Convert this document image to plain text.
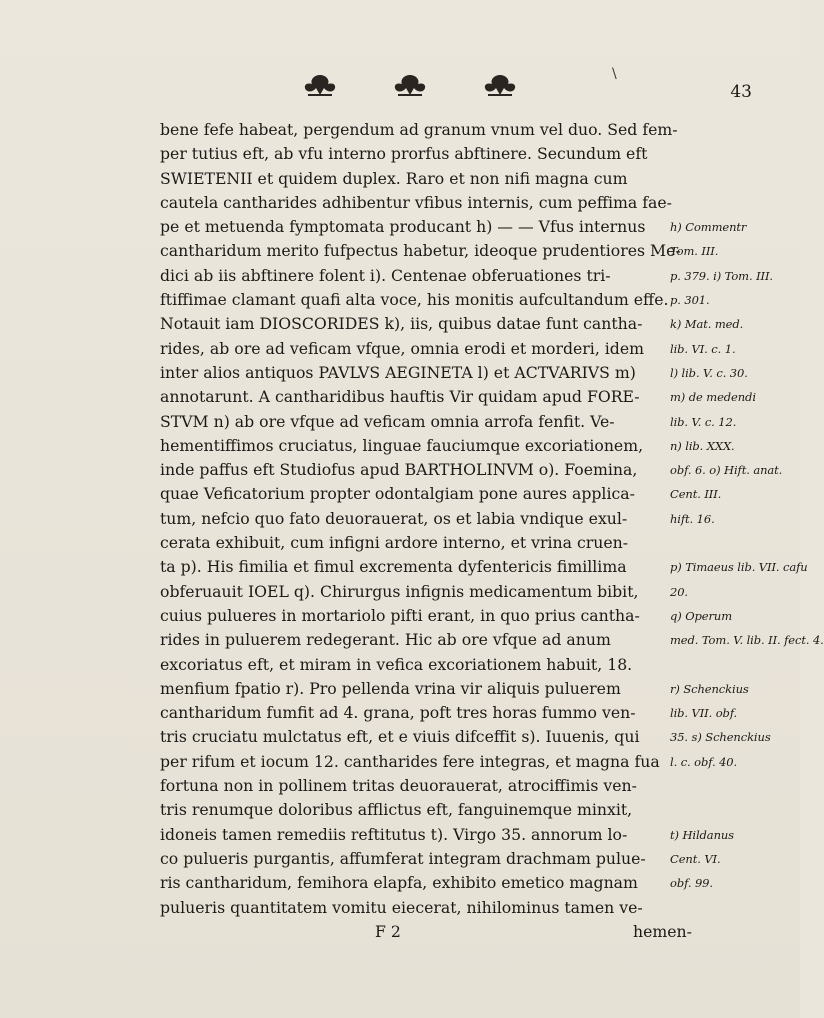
\
43
bene fefe habeat, pergendum ad granum vnum vel duo. Sed fem-
per tutius eft, ab vfu interno prorfus abftinere. Secundum eft
SWIETENII et quidem duplex. Raro et non nifi magna cum
cautela cantharides adhibentur vfibus internis, cum peffima fae-
pe et metuenda fymptomata producant h) — — Vfus internus h) Commentr
cantharidum merito fufpectus habetur, ideoque prudentiores Me-
Tom. III.
dici ab iis abftinere folent i). Centenae obferuationes tri-	p. 379. i) Tom. III.
ftiffimae clamant quafi alta voce, his monitis aufcultandum effe. p. 301.
Notauit iam DIOSCORIDES k), iis, quibus datae funt cantha- k) Mat. med.
rides, ab ore ad veficam vfque, omnia erodi et morderi, idem lib. VI. c. 1.
inter alios antiquos PAVLVS AEGINETA l) et ACTVARIVS m)	l) lib. V. c. 30.
annotarunt. A cantharidibus hauftis Vir quidam apud FORE-	m) de medendi
STVM n) ab ore vfque ad veficam omnia arrofa fenfit. Ve-	lib. V. c. 12.
hementiffimos cruciatus, linguae fauciumque excoriationem, n) lib. XXX.
inde paffus eft Studiofus apud BARTHOLINVM o). Foemina,	obf. 6. o) Hift. anat.
quae Veficatorium propter odontalgiam pone aures applica-	Cent. III.
tum, nefcio quo fato deuorauerat, os et labia vndique exul-	hift. 16.
cerata exhibuit, cum infigni ardore interno, et vrina cruen-
ta p). His fimilia et fimul excrementa dyfentericis fimillima	p) Timaeus lib. VII. cafu
obferuauit IOEL q). Chirurgus infignis medicamentum bibit,	20.
cuius pulueres in mortariolo pifti erant, in quo prius cantha-	q) Operum
rides in puluerem redegerant. Hic ab ore vfque ad anum	med. Tom. V. lib. II. fect. 4.
excoriatus eft, et miram in vefica excoriationem habuit, 18.
menfium fpatio r). Pro pellenda vrina vir aliquis puluerem	r) Schenckius
cantharidum fumfit ad 4. grana, poft tres horas fummo ven-	lib. VII. obf.
tris cruciatu mulctatus eft, et e viuis difceffit s). Iuuenis, qui	35. s) Schenckius
per rifum et iocum 12. cantharides fere integras, et magna fua l. c. obf. 40.
fortuna non in pollinem tritas deuorauerat, atrociffimis ven-
tris renumque doloribus afflictus eft, fanguinemque minxit,
idoneis tamen remediis reftitutus t). Virgo 35. annorum lo-	t) Hildanus
co pulueris purgantis, affumferat integram drachmam pulue- Cent. VI.
ris cantharidum, femihora elapfa, exhibito emetico magnam	obf. 99.
pulueris quantitatem vomitu eiecerat, nihilominus tamen ve-
F 2	hemen-
